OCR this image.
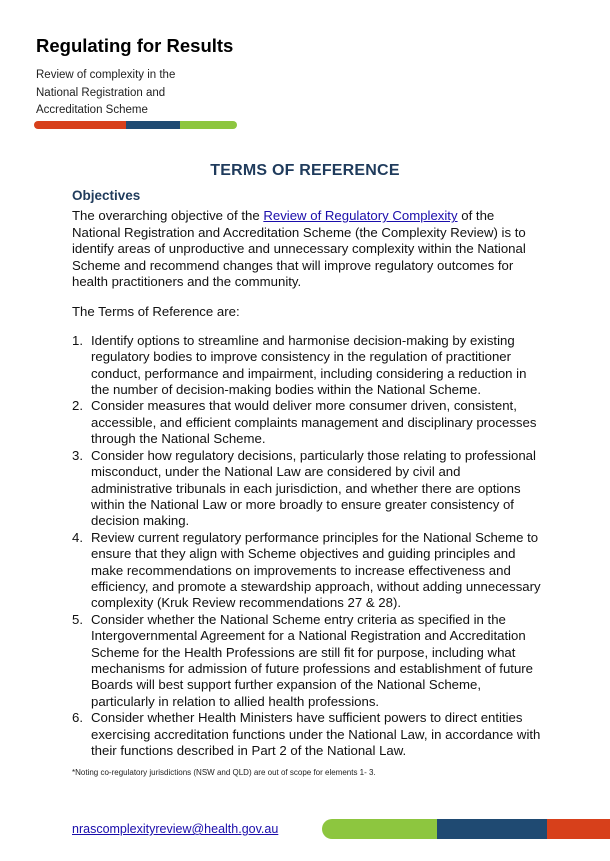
Regulating for Results
Review of complexity in the
National Registration and
Accreditation Scheme
TERMS OF REFERENCE
Objectives

The overarching objective of the Review of Regulatory Complexity of the National Registration and Accreditation Scheme (the Complexity Review) is to identify areas of unproductive and unnecessary complexity within the National Scheme and recommend changes that will improve regulatory outcomes for health practitioners and the community.

The Terms of Reference are:

1. Identify options to streamline and harmonise decision-making by existing regulatory bodies to improve consistency in the regulation of practitioner conduct, performance and impairment, including considering a reduction in the number of decision-making bodies within the National Scheme.
2. Consider measures that would deliver more consumer driven, consistent, accessible, and efficient complaints management and disciplinary processes through the National Scheme.
3. Consider how regulatory decisions, particularly those relating to professional misconduct, under the National Law are considered by civil and administrative tribunals in each jurisdiction, and whether there are options within the National Law or more broadly to ensure greater consistency of decision making.
4. Review current regulatory performance principles for the National Scheme to ensure that they align with Scheme objectives and guiding principles and make recommendations on improvements to increase effectiveness and efficiency, and promote a stewardship approach, without adding unnecessary complexity (Kruk Review recommendations 27 & 28).
5. Consider whether the National Scheme entry criteria as specified in the Intergovernmental Agreement for a National Registration and Accreditation Scheme for the Health Professions are still fit for purpose, including what mechanisms for admission of future professions and establishment of future Boards will best support further expansion of the National Scheme, particularly in relation to allied health professions.
6. Consider whether Health Ministers have sufficient powers to direct entities exercising accreditation functions under the National Law, in accordance with their functions described in Part 2 of the National Law.
*Noting co-regulatory jurisdictions (NSW and QLD) are out of scope for elements 1- 3.
nrascomplexityreview@health.gov.au
